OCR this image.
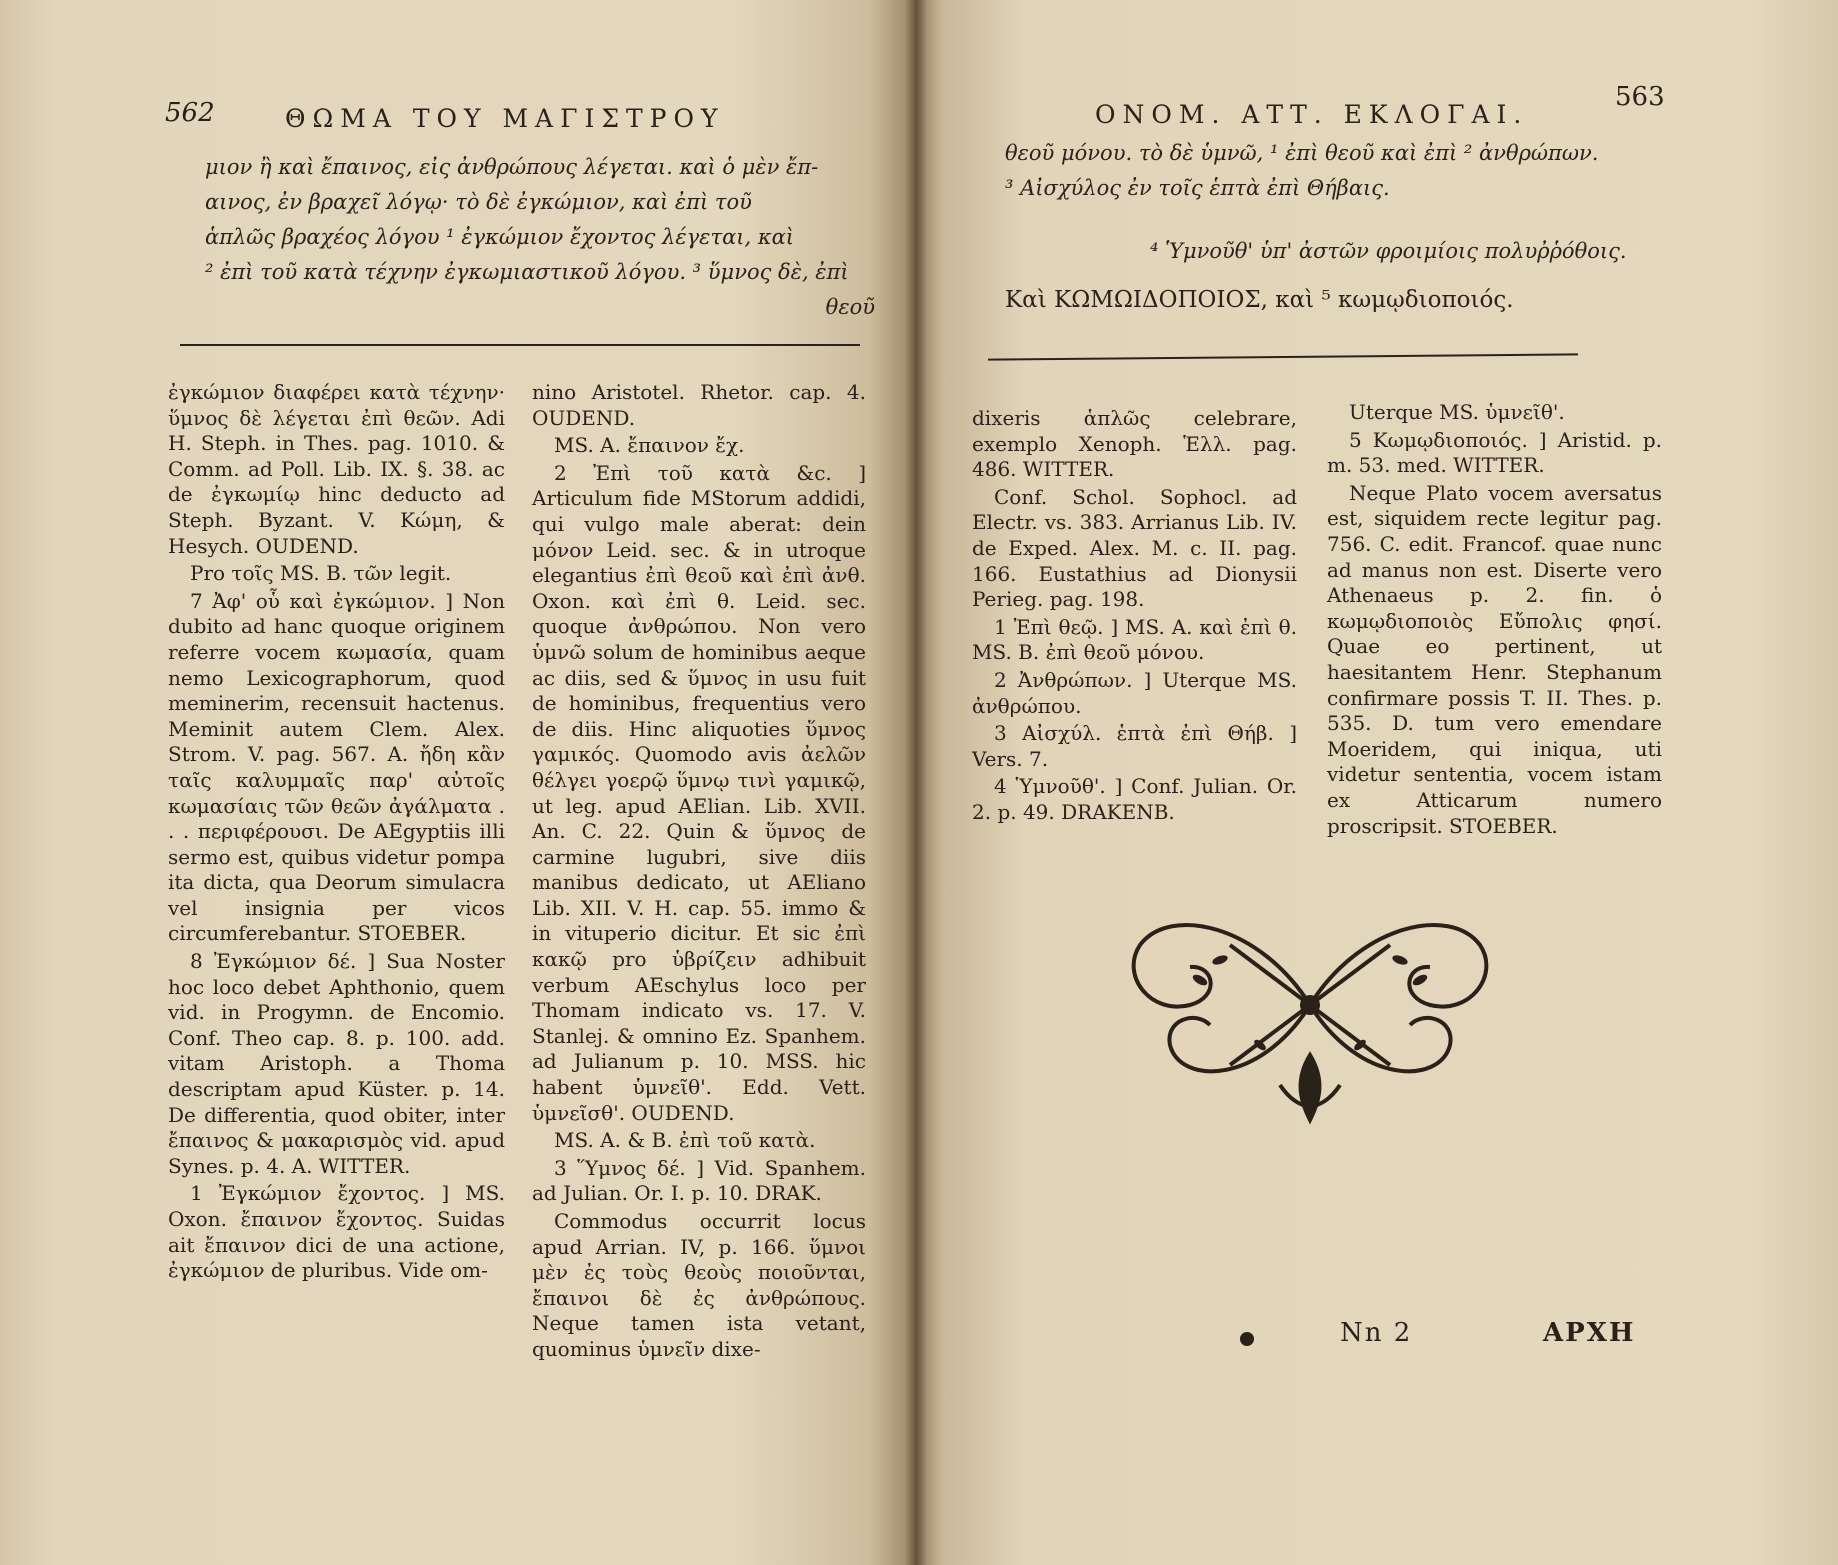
562	ΘΩΜΑ ΤΟΥ ΜΑΓΙΣΤΡΟΥ

μιον ἢ καὶ ἔπαινος, εἰς ἀνθρώπους λέγεται. καὶ ὁ μὲν ἔπ-

αινος, ἐν βραχεῖ λόγῳ· τὸ δὲ ἐγκώμιον, καὶ ἐπὶ τοῦ

ἁπλῶς βραχέος λόγου ¹ ἐγκώμιον ἔχοντος λέγεται, καὶ

² ἐπὶ τοῦ κατὰ τέχνην ἐγκωμιαστικοῦ λόγου. ³ ὕμνος δὲ, ἐπὶ

θεοῦ

ἐγκώμιον διαφέρει κατὰ τέχνην· ὕμνος δὲ λέγεται ἐπὶ θεῶν. Adi H. Steph. in Thes. pag. 1010. & Comm. ad Poll. Lib. IX. §. 38. ac de ἐγκωμίῳ hinc deducto ad Steph. Byzant. V. Κώμη, & Hesych. OUDEND.

Pro τοῖς MS. B. τῶν legit.

7 Ἀφ' οὗ καὶ ἐγκώμιον. ] Non dubito ad hanc quoque originem referre vocem κωμασία, quam nemo Lexicographorum, quod meminerim, recensuit hactenus. Meminit autem Clem. Alex. Strom. V. pag. 567. A. ἤδη κἂν ταῖς καλυμμαῖς παρ' αὐτοῖς κωμασίαις τῶν θεῶν ἀγάλματα . . . περιφέρουσι. De AEgyptiis illi sermo est, quibus videtur pompa ita dicta, qua Deorum simulacra vel insignia per vicos circumferebantur. STOEBER.

8 Ἐγκώμιον δέ. ] Sua Noster hoc loco debet Aphthonio, quem vid. in Progymn. de Encomio. Conf. Theo cap. 8. p. 100. add. vitam Aristoph. a Thoma descriptam apud Küster. p. 14. De differentia, quod obiter, inter ἔπαινος & μακαρισμὸς vid. apud Synes. p. 4. A. WITTER.

1 Ἐγκώμιον ἔχοντος. ] MS. Oxon. ἔπαινον ἔχοντος. Suidas ait ἔπαινον dici de una actione, ἐγκώμιον de pluribus. Vide om-

nino Aristotel. Rhetor. cap. 4. OUDEND.

MS. A. ἔπαινον ἔχ.

2 Ἐπὶ τοῦ κατὰ &c. ] Articulum fide MStorum addidi, qui vulgo male aberat: dein μόνον Leid. sec. & in utroque elegantius ἐπὶ θεοῦ καὶ ἐπὶ ἀνθ. Oxon. καὶ ἐπὶ θ. Leid. sec. quoque ἀνθρώπου. Non vero ὑμνῶ solum de hominibus aeque ac diis, sed & ὕμνος in usu fuit de hominibus, frequentius vero de diis. Hinc aliquoties ὕμνος γαμικός. Quomodo avis ἀελῶν θέλγει γοερῷ ὕμνῳ τινὶ γαμικῷ, ut leg. apud AElian. Lib. XVII. An. C. 22. Quin & ὕμνος de carmine lugubri, sive diis manibus dedicato, ut AEliano Lib. XII. V. H. cap. 55. immo & in vituperio dicitur. Et sic ἐπὶ κακῷ pro ὑβρίζειν adhibuit verbum AEschylus loco per Thomam indicato vs. 17. V. Stanlej. & omnino Ez. Spanhem. ad Julianum p. 10. MSS. hic habent ὑμνεῖθ'. Edd. Vett. ὑμνεῖσθ'. OUDEND.

MS. A. & B. ἐπὶ τοῦ κατὰ.

3 Ὕμνος δέ. ] Vid. Spanhem. ad Julian. Or. I. p. 10. DRAK.

Commodus occurrit locus apud Arrian. IV, p. 166. ὕμνοι μὲν ἐς τοὺς θεοὺς ποιοῦνται, ἔπαινοι δὲ ἐς ἀνθρώπους. Neque tamen ista vetant, quominus ὑμνεῖν dixe-

ΟΝΟΜ. ΑΤΤ. ΕΚΛΟΓΑΙ.
563

θεοῦ μόνου. τὸ δὲ ὑμνῶ, ¹ ἐπὶ θεοῦ καὶ ἐπὶ ² ἀνθρώπων.

³ Αἰσχύλος ἐν τοῖς ἑπτὰ ἐπὶ Θήβαις.

⁴ Ὑμνοῦθ' ὑπ' ἀστῶν φροιμίοις πολυῤῥόθοις.

Καὶ ΚΩΜΩΙΔΟΠΟΙΟΣ, καὶ ⁵ κωμῳδιοποιός.

dixeris ἁπλῶς celebrare, exemplo Xenoph. Ἑλλ. pag. 486. WITTER.

Conf. Schol. Sophocl. ad Electr. vs. 383. Arrianus Lib. IV. de Exped. Alex. M. c. II. pag. 166. Eustathius ad Dionysii Perieg. pag. 198.

1 Ἐπὶ θεῷ. ] MS. A. καὶ ἐπὶ θ. MS. B. ἐπὶ θεοῦ μόνου.

2 Ἀνθρώπων. ] Uterque MS. ἀνθρώπου.

3 Αἰσχύλ. ἑπτὰ ἐπὶ Θήβ. ] Vers. 7.

4 Ὑμνοῦθ'. ] Conf. Julian. Or. 2. p. 49. DRAKENB.

Uterque MS. ὑμνεῖθ'.

5 Κωμῳδιοποιός. ] Aristid. p. m. 53. med. WITTER.

Neque Plato vocem aversatus est, siquidem recte legitur pag. 756. C. edit. Francof. quae nunc ad manus non est. Diserte vero Athenaeus p. 2. fin. ὁ κωμῳδιοποιὸς Εὔπολις φησί. Quae eo pertinent, ut haesitantem Henr. Stephanum confirmare possis T. II. Thes. p. 535. D. tum vero emendare Moeridem, qui iniqua, uti videtur sententia, vocem istam ex Atticarum numero proscripsit. STOEBER.

Nn 2	ΑΡΧΗ
